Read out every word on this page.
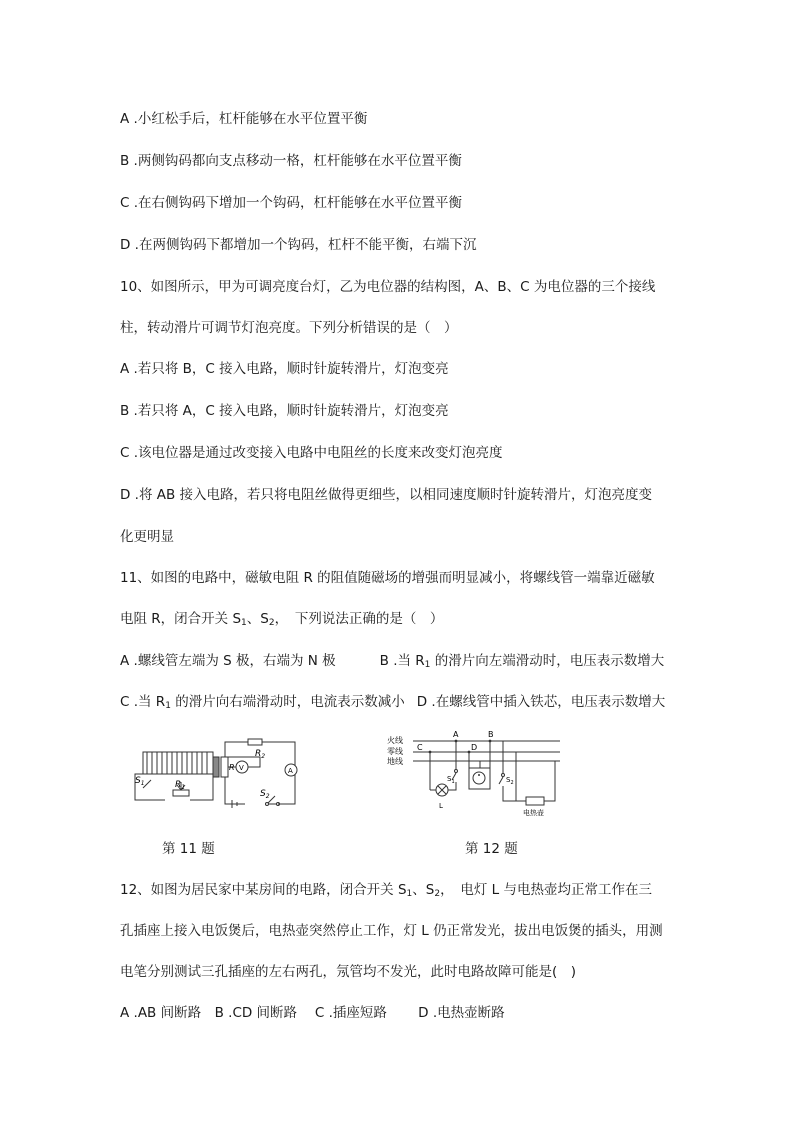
A .小红松手后，杠杆能够在水平位置平衡
B .两侧钩码都向支点移动一格，杠杆能够在水平位置平衡
C .在右侧钩码下增加一个钩码，杠杆能够在水平位置平衡
D .在两侧钩码下都增加一个钩码，杠杆不能平衡，右端下沉
10、如图所示，甲为可调亮度台灯，乙为电位器的结构图，A、B、C 为电位器的三个接线
柱，转动滑片可调节灯泡亮度。下列分析错误的是（　）
A .若只将 B，C 接入电路，顺时针旋转滑片，灯泡变亮
B .若只将 A，C 接入电路，顺时针旋转滑片，灯泡变亮
C .该电位器是通过改变接入电路中电阻丝的长度来改变灯泡亮度
D .将 AB 接入电路，若只将电阻丝做得更细些，以相同速度顺时针旋转滑片，灯泡亮度变
化更明显
11、如图的电路中，磁敏电阻 R 的阻值随磁场的增强而明显减小，将螺线管一端靠近磁敏
电阻 R，闭合开关 $S_1$、$S_2$，　下列说法正确的是（　）
A .螺线管左端为 S 极，右端为 N 极	B .当 $R_1$ 的滑片向左端滑动时，电压表示数增大
C .当 $R_1$ 的滑片向右端滑动时，电流表示数减小 D .在螺线管中插入铁芯，电压表示数增大
$S_1$	$R_1$
R V	A
$R_2$
$S_2$
火线
零线
地线
A	B
C	D
$S_1$	$S_2$
L
电热壶
第 11 题	第 12 题
12、如图为居民家中某房间的电路，闭合开关 $S_1$、$S_2$，　电灯 L 与电热壶均正常工作在三
孔插座上接入电饭煲后，电热壶突然停止工作，灯 L 仍正常发光，拔出电饭煲的插头，用测
电笔分别测试三孔插座的左右两孔，氖管均不发光，此时电路故障可能是(　)
A .AB 间断路　B .CD 间断路　 C .插座短路　　 D .电热壶断路
